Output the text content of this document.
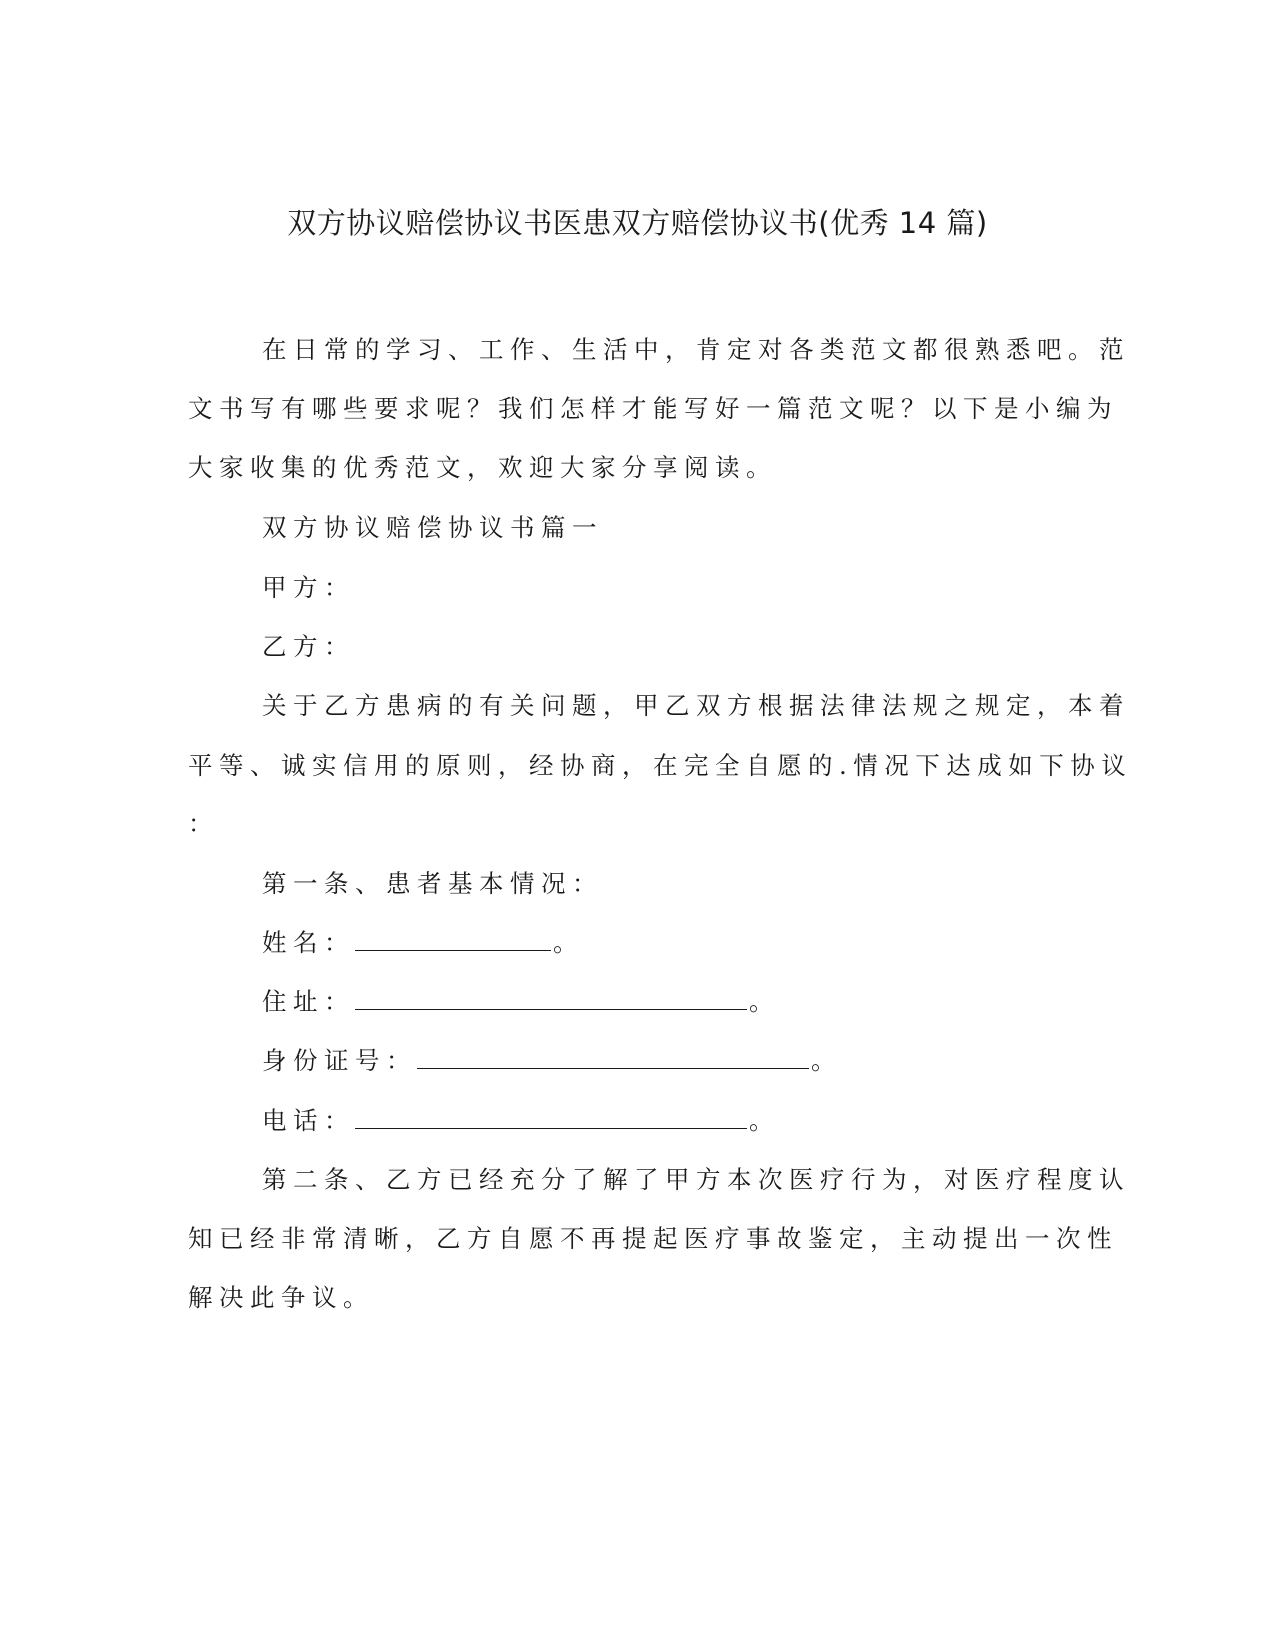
双方协议赔偿协议书医患双方赔偿协议书(优秀 14 篇)
在日常的学习、工作、生活中，肯定对各类范文都很熟悉吧。范
文书写有哪些要求呢？我们怎样才能写好一篇范文呢？以下是小编为
大家收集的优秀范文，欢迎大家分享阅读。
双方协议赔偿协议书篇一
甲方：
乙方：
关于乙方患病的有关问题，甲乙双方根据法律法规之规定，本着
平等、诚实信用的原则，经协商，在完全自愿的.情况下达成如下协议
：
第一条、患者基本情况：
姓名：	。
住址：	。
身份证号：	。
电话：	。
第二条、乙方已经充分了解了甲方本次医疗行为，对医疗程度认
知已经非常清晰，乙方自愿不再提起医疗事故鉴定，主动提出一次性
解决此争议。
